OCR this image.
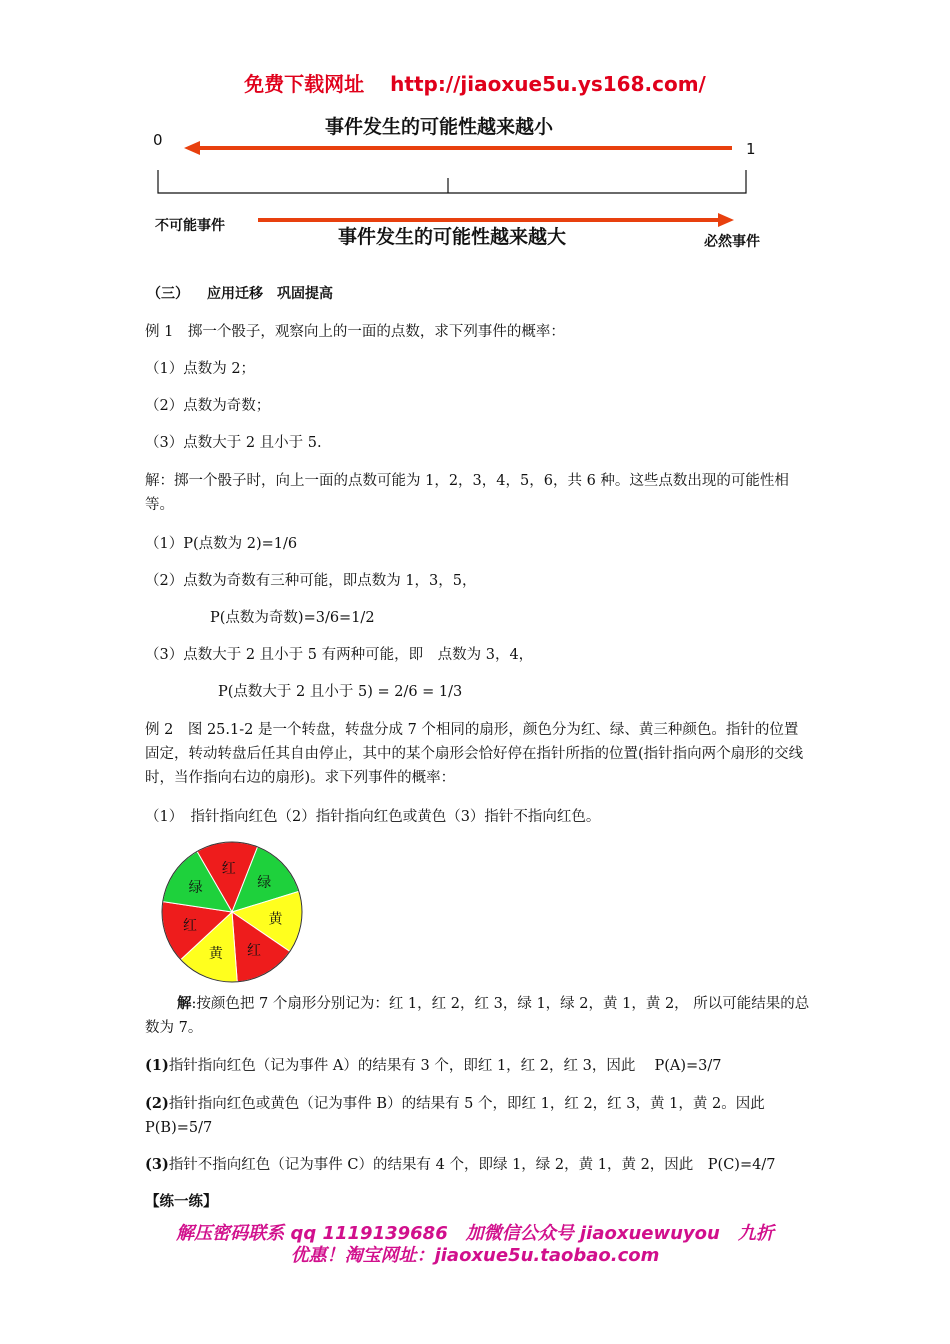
免费下载网址 http://jiaoxue5u.ys168.com/
事件发生的可能性越来越小
0	1
不可能事件	事件发生的可能性越来越大	必然事件
（三） 应用迁移　巩固提高
例 1　掷一个骰子，观察向上的一面的点数，求下列事件的概率：
（1）点数为 2；
（2）点数为奇数；
（3）点数大于 2 且小于 5.
解：掷一个骰子时，向上一面的点数可能为 1，2，3，4，5，6，共 6 种。这些点数出现的可能性相等。
（1）P(点数为 2)=1/6
（2）点数为奇数有三种可能，即点数为 1，3，5，
P(点数为奇数)=3/6=1/2
（3）点数大于 2 且小于 5 有两种可能，即　点数为 3，4，
P(点数大于 2 且小于 5) = 2/6 = 1/3
例 2　图 25.1-2 是一个转盘，转盘分成 7 个相同的扇形，颜色分为红、绿、黄三种颜色。指针的位置固定，转动转盘后任其自由停止，其中的某个扇形会恰好停在指针所指的位置(指针指向两个扇形的交线时，当作指向右边的扇形)。求下列事件的概率：
（1）　指针指向红色（2）指针指向红色或黄色（3）指针不指向红色。
红
绿
黄
红
黄
红
绿
解:按颜色把 7 个扇形分别记为：红 1，红 2，红 3，绿 1，绿 2，黄 1，黄 2， 所以可能结果的总数为 7。
(1)指针指向红色（记为事件 A）的结果有 3 个，即红 1，红 2，红 3，因此　 P(A)=3/7
(2)指针指向红色或黄色（记为事件 B）的结果有 5 个，即红 1，红 2，红 3，黄 1，黄 2。因此 P(B)=5/7
(3)指针不指向红色（记为事件 C）的结果有 4 个，即绿 1，绿 2，黄 1，黄 2，因此　P(C)=4/7
【练一练】
解压密码联系 qq 1119139686　加微信公众号 jiaoxuewuyou　九折
优惠！淘宝网址：jiaoxue5u.taobao.com
